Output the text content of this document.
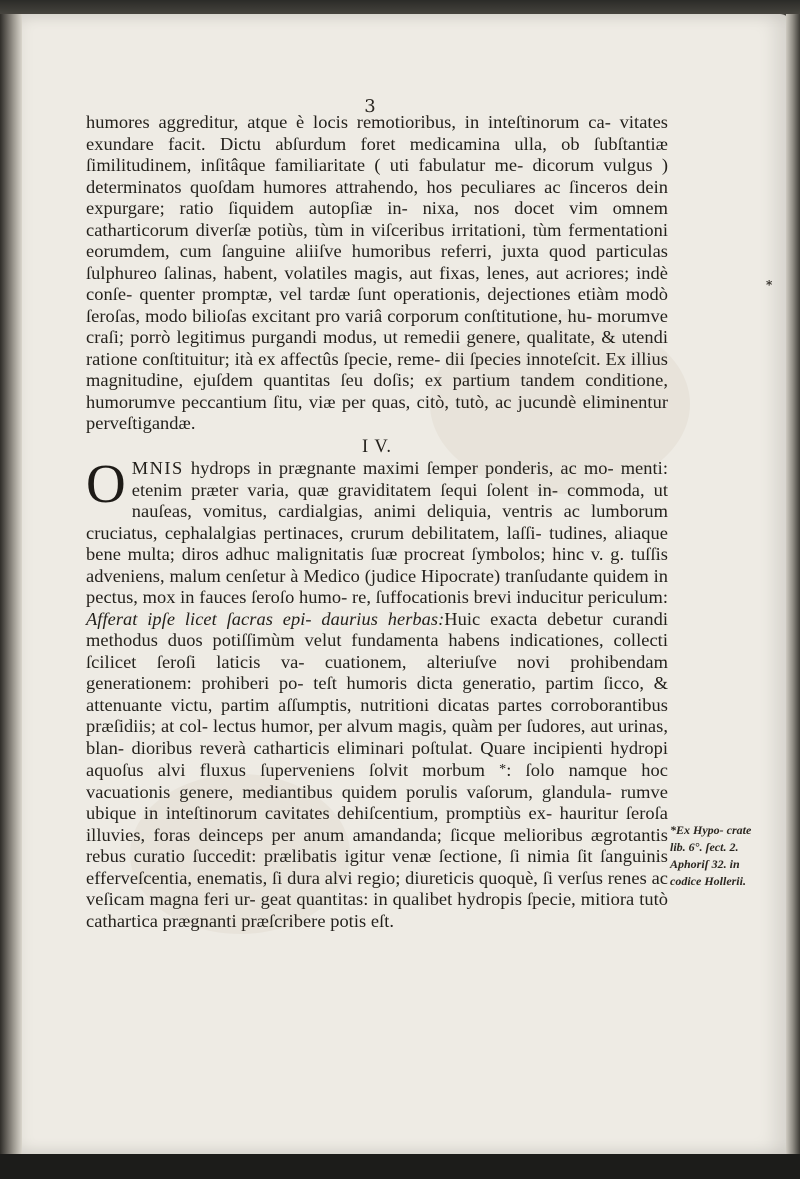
3

humores aggreditur, atque è locis remotioribus, in inteſtinorum ca- vitates exundare facit. Dictu abſurdum foret medicamina ulla, ob ſubſtantiæ ſimilitudinem, inſitâque familiaritate ( uti fabulatur me- dicorum vulgus ) determinatos quoſdam humores attrahendo, hos peculiares ac ſinceros dein expurgare; ratio ſiquidem autopſiæ in- nixa, nos docet vim omnem catharticorum diverſæ potiùs, tùm in viſceribus irritationi, tùm fermentationi eorumdem, cum ſanguine aliiſve humoribus referri, juxta quod particulas ſulphureo ſalinas, habent, volatiles magis, aut fixas, lenes, aut acriores; indè conſe- quenter promptæ, vel tardæ ſunt operationis, dejectiones etiàm modò ſeroſas, modo bilioſas excitant pro variâ corporum conſtitutione, hu- morumve craſi; porrò legitimus purgandi modus, ut remedii genere, qualitate, & utendi ratione conſtituitur; ità ex affectûs ſpecie, reme- dii ſpecies innoteſcit. Ex illius magnitudine, ejuſdem quantitas ſeu doſis; ex partium tandem conditione, humorumve peccantium ſitu, viæ per quas, citò, tutò, ac jucundè eliminentur perveſtigandæ.

I V.

OMNIS hydrops in prægnante maximi ſemper ponderis, ac mo- menti: etenim præter varia, quæ graviditatem ſequi ſolent in- commoda, ut nauſeas, vomitus, cardialgias, animi deliquia, ventris ac lumborum cruciatus, cephalalgias pertinaces, crurum debilitatem, laſſi- tudines, aliaque bene multa; diros adhuc malignitatis ſuæ procreat ſymbolos; hinc v. g. tuſſis adveniens, malum cenſetur à Medico (judice Hipocrate) tranſudante quidem in pectus, mox in fauces ſeroſo humo- re, ſuffocationis brevi inducitur periculum: Afferat ipſe licet ſacras epi- daurius herbas:Huic exacta debetur curandi methodus duos potiſſimùm velut fundamenta habens indicationes, collecti ſcilicet ſeroſi laticis va- cuationem, alteriuſve novi prohibendam generationem: prohiberi po- teſt humoris dicta generatio, partim ſicco, & attenuante victu, partim aſſumptis, nutritioni dicatas partes corroborantibus præſidiis; at col- lectus humor, per alvum magis, quàm per ſudores, aut urinas, blan- dioribus reverà catharticis eliminari poſtulat. Quare incipienti hydropi aquoſus alvi fluxus ſuperveniens ſolvit morbum *: ſolo namque hoc vacuationis genere, mediantibus quidem porulis vaſorum, glandula- rumve ubique in inteſtinorum cavitates dehiſcentium, promptiùs ex- hauritur ſeroſa illuvies, foras deinceps per anum amandanda; ſicque melioribus ægrotantis rebus curatio ſuccedit: prælibatis igitur venæ ſectione, ſi nimia ſit ſanguinis effervеſcentia, enematis, ſi dura alvi regio; diureticis quoquè, ſi verſus renes ac veſicam magna feri ur- geat quantitas: in qualibet hydropis ſpecie, mitiora tutò cathartica prægnanti præſcribere potis eſt.

*
*Ex Hypo- crate lib. 6°. ſect. 2. Aphoriſ 32. in codice Hollerii.
